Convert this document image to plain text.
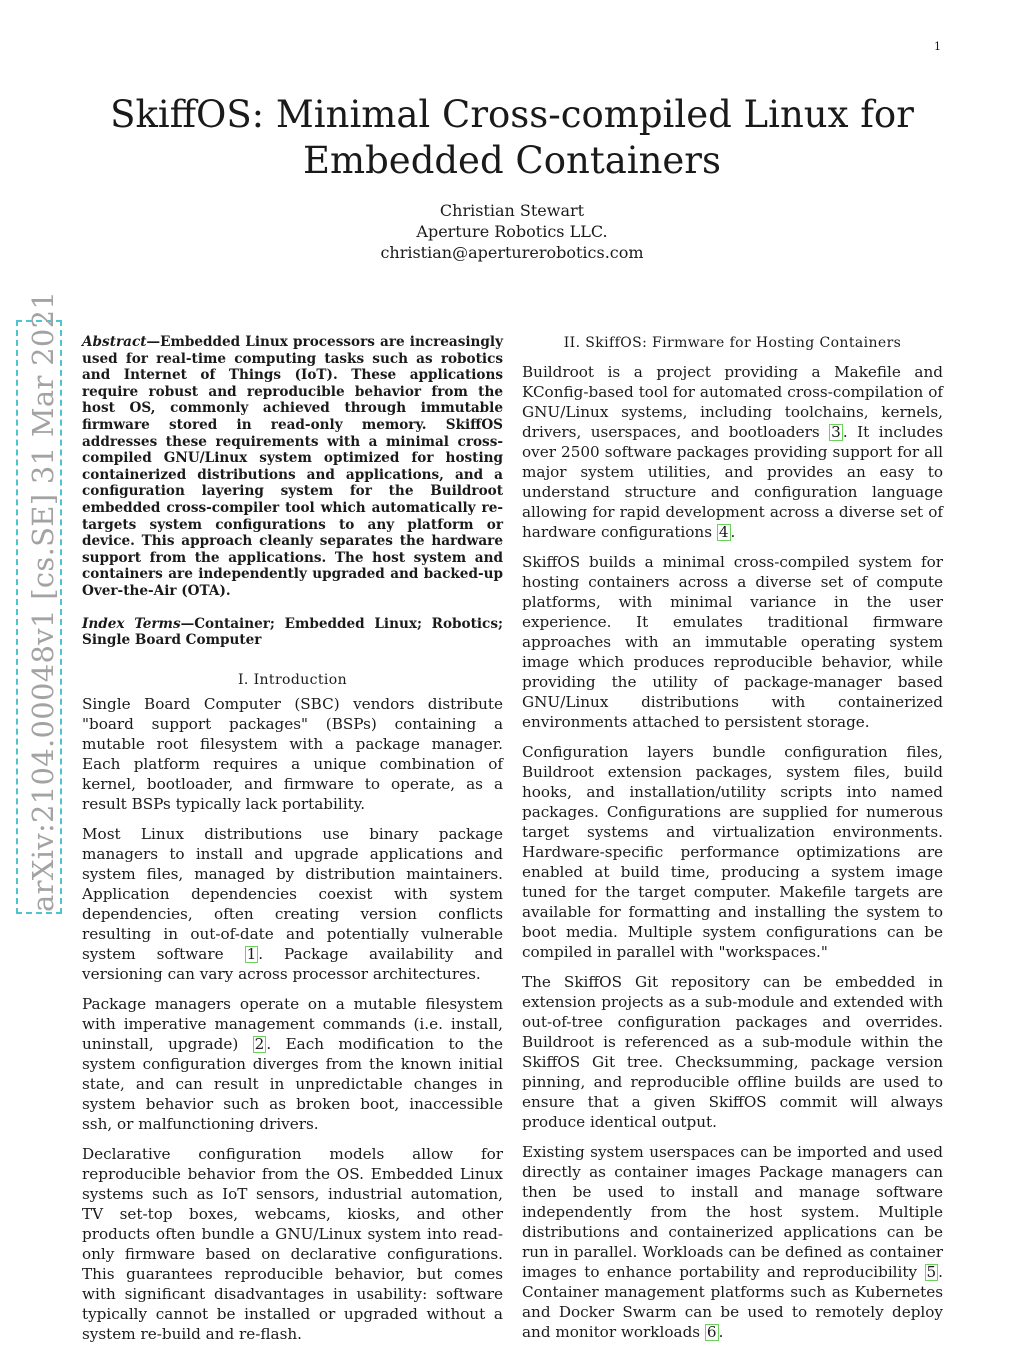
1
SkiffOS: Minimal Cross-compiled Linux for
Embedded Containers
Christian Stewart
Aperture Robotics LLC.
christian@aperturerobotics.com
arXiv:2104.00048v1 [cs.SE] 31 Mar 2021	Abstract—Embedded Linux processors are increasingly used for real-time computing tasks such as robotics and Internet of Things (IoT). These applications require robust and reproducible behavior from the host OS, commonly achieved through immutable firmware stored in read-only memory. SkiffOS addresses these requirements with a minimal cross-compiled GNU/Linux system optimized for hosting containerized distributions and applications, and a configuration layering system for the Buildroot embedded cross-compiler tool which automatically re-targets system configurations to any platform or device. This approach cleanly separates the hardware support from the applications. The host system and containers are independently upgraded and backed-up Over-the-Air (OTA).

Index Terms—Container; Embedded Linux; Robotics; Single Board Computer

I. Introduction

Single Board Computer (SBC) vendors distribute "board support packages" (BSPs) containing a mutable root filesystem with a package manager. Each platform requires a unique combination of kernel, bootloader, and firmware to operate, as a result BSPs typically lack portability.

Most Linux distributions use binary package managers to install and upgrade applications and system files, managed by distribution maintainers. Application dependencies coexist with system dependencies, often creating version conflicts resulting in out-of-date and potentially vulnerable system software 1 . Package availability and versioning can vary across processor architectures.

Package managers operate on a mutable filesystem with imperative management commands (i.e. install, uninstall, upgrade) 2 . Each modification to the system configuration diverges from the known initial state, and can result in unpredictable changes in system behavior such as broken boot, inaccessible ssh, or malfunctioning drivers.

Declarative configuration models allow for reproducible behavior from the OS. Embedded Linux systems such as IoT sensors, industrial automation, TV set-top boxes, webcams, kiosks, and other products often bundle a GNU/Linux system into read-only firmware based on declarative configurations. This guarantees reproducible behavior, but comes with significant disadvantages in usability: software typically cannot be installed or upgraded without a system re-build and re-flash.

II. SkiffOS: Firmware for Hosting Containers

Buildroot is a project providing a Makefile and KConfig-based tool for automated cross-compilation of GNU/Linux systems, including toolchains, kernels, drivers, userspaces, and bootloaders 3 . It includes over 2500 software packages providing support for all major system utilities, and provides an easy to understand structure and configuration language allowing for rapid development across a diverse set of hardware configurations 4 .

SkiffOS builds a minimal cross-compiled system for hosting containers across a diverse set of compute platforms, with minimal variance in the user experience. It emulates traditional firmware approaches with an immutable operating system image which produces reproducible behavior, while providing the utility of package-manager based GNU/Linux distributions with containerized environments attached to persistent storage.

Configuration layers bundle configuration files, Buildroot extension packages, system files, build hooks, and installation/utility scripts into named packages. Configurations are supplied for numerous target systems and virtualization environments. Hardware-specific performance optimizations are enabled at build time, producing a system image tuned for the target computer. Makefile targets are available for formatting and installing the system to boot media. Multiple system configurations can be compiled in parallel with "workspaces."

The SkiffOS Git repository can be embedded in extension projects as a sub-module and extended with out-of-tree configuration packages and overrides. Buildroot is referenced as a sub-module within the SkiffOS Git tree. Checksumming, package version pinning, and reproducible offline builds are used to ensure that a given SkiffOS commit will always produce identical output.

Existing system userspaces can be imported and used directly as container images Package managers can then be used to install and manage software independently from the host system. Multiple distributions and containerized applications can be run in parallel. Workloads can be defined as container images to enhance portability and reproducibility 5 . Container management platforms such as Kubernetes and Docker Swarm can be used to remotely deploy and monitor workloads 6 .
